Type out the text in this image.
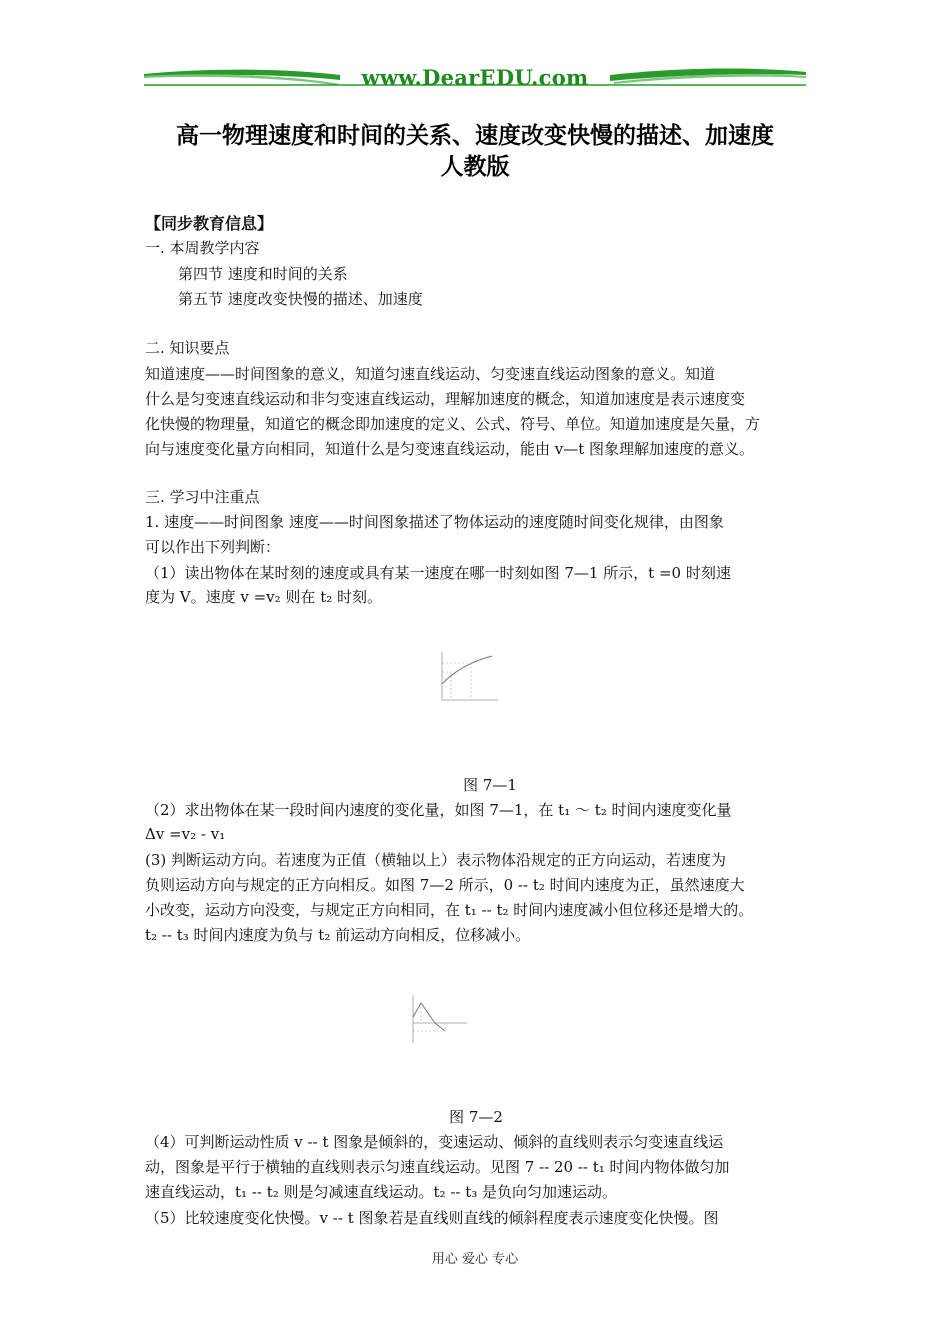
www.DearEDU.com
高一物理速度和时间的关系、速度改变快慢的描述、加速度
人教版
【同步教育信息】
一. 本周教学内容
第四节 速度和时间的关系
第五节 速度改变快慢的描述、加速度
二. 知识要点
知道速度——时间图象的意义，知道匀速直线运动、匀变速直线运动图象的意义。知道
什么是匀变速直线运动和非匀变速直线运动，理解加速度的概念，知道加速度是表示速度变
化快慢的物理量，知道它的概念即加速度的定义、公式、符号、单位。知道加速度是矢量，方
向与速度变化量方向相同，知道什么是匀变速直线运动，能由 v—t 图象理解加速度的意义。
三. 学习中注重点
1. 速度——时间图象 速度——时间图象描述了物体运动的速度随时间变化规律，由图象
可以作出下列判断：
（1）读出物体在某时刻的速度或具有某一速度在哪一时刻如图 7—1 所示，t =0 时刻速
度为 V。速度 v =v₂ 则在 t₂ 时刻。
图 7—1
（2）求出物体在某一段时间内速度的变化量，如图 7—1，在 t₁ ～ t₂ 时间内速度变化量
Δv =v₂ - v₁
(3) 判断运动方向。若速度为正值（横轴以上）表示物体沿规定的正方向运动，若速度为
负则运动方向与规定的正方向相反。如图 7—2 所示，0 -- t₂ 时间内速度为正，虽然速度大
小改变，运动方向没变，与规定正方向相同，在 t₁ -- t₂ 时间内速度减小但位移还是增大的。
t₂ -- t₃ 时间内速度为负与 t₂ 前运动方向相反，位移减小。
图 7—2
（4）可判断运动性质 v -- t 图象是倾斜的，变速运动、倾斜的直线则表示匀变速直线运
动，图象是平行于横轴的直线则表示匀速直线运动。见图 7 -- 20 -- t₁ 时间内物体做匀加
速直线运动，t₁ -- t₂ 则是匀减速直线运动。t₂ -- t₃ 是负向匀加速运动。
（5）比较速度变化快慢。v -- t 图象若是直线则直线的倾斜程度表示速度变化快慢。图
用心 爱心 专心
